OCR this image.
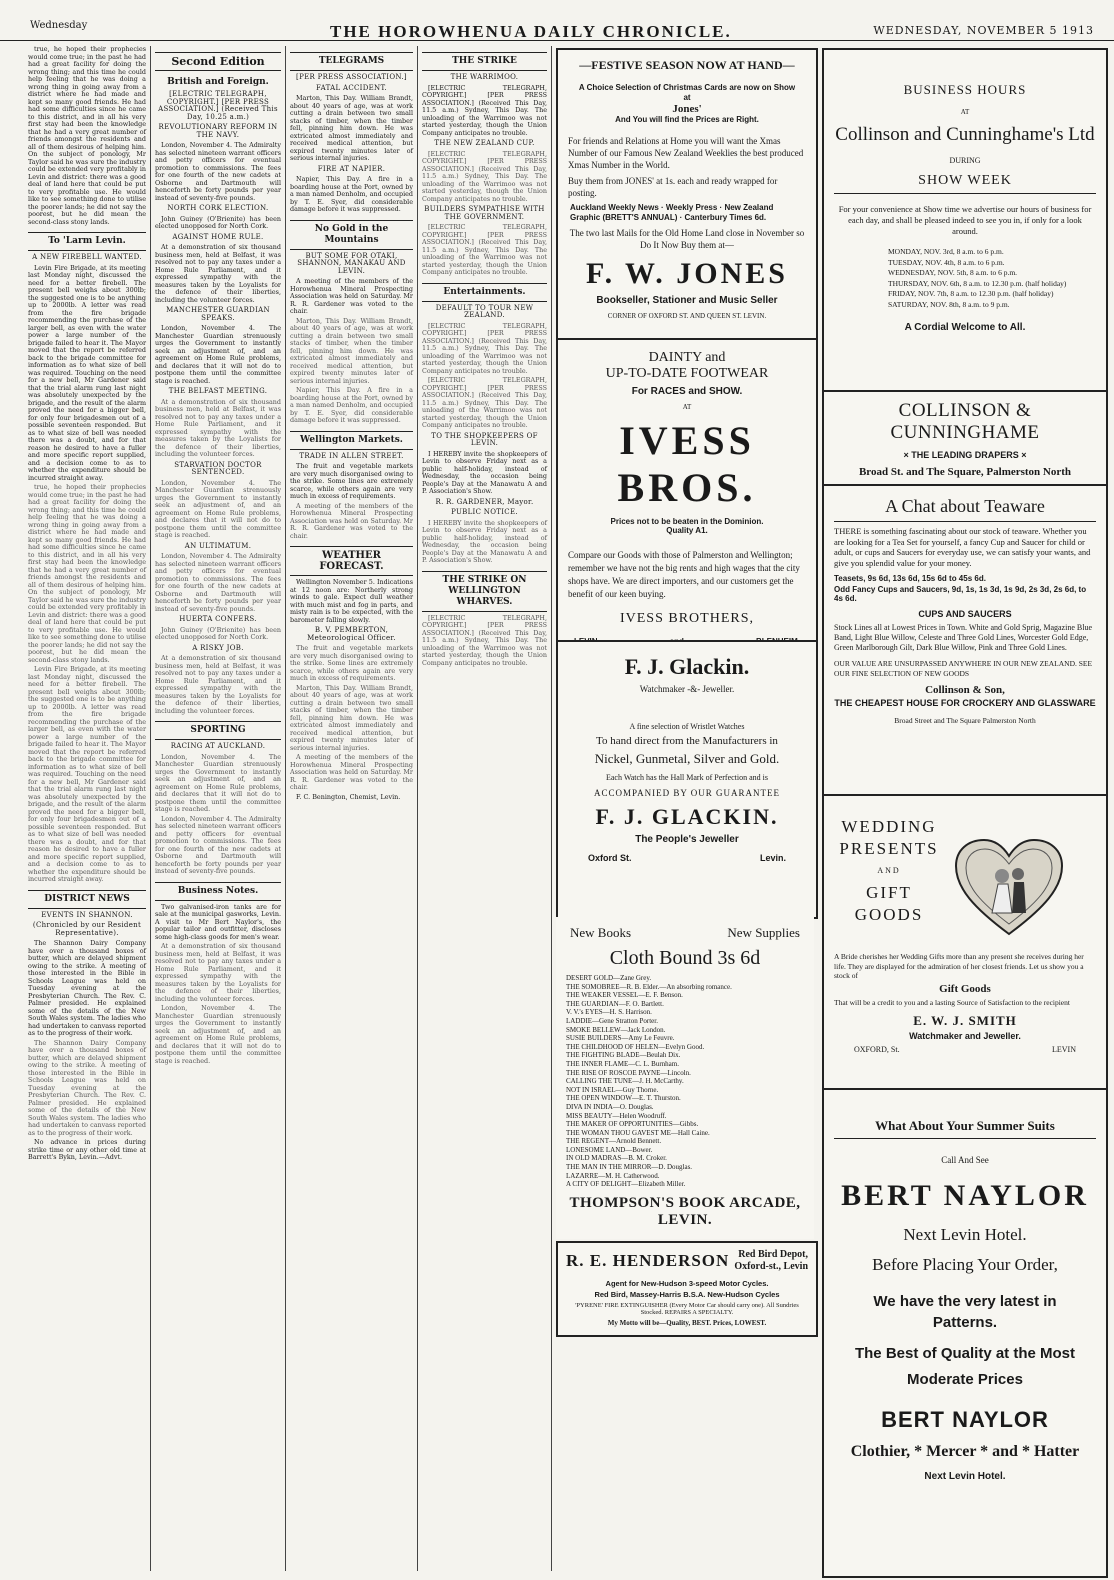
Wednesday	THE HOROWHENUA DAILY CHRONICLE.	WEDNESDAY, NOVEMBER 5 1913

true, he hoped their prophecies would come true; in the past he had had a great facility for doing the wrong thing; and this time he could help feeling that he was doing a wrong thing in going away from a district where he had made and kept so many good friends. He had had some difficulties since he came to this district, and in all his very first stay had been the knowledge that he had a very great number of friends amongst the residents and all of them desirous of helping him. On the subject of ponology, Mr Taylor said he was sure the industry could be extended very profitably in Levin and district: there was a good deal of land here that could be put to very profitable use. He would like to see something done to utilise the poorer lands; he did not say the poorest, but he did mean the second-class stony lands.

To 'Larm Levin.
A NEW FIREBELL WANTED.

Levin Fire Brigade, at its meeting last Monday night, discussed the need for a better firebell. The present bell weighs about 300lb; the suggested one is to be anything up to 2000lb. A letter was read from the fire brigade recommending the purchase of the larger bell, as even with the water power a large number of the brigade failed to hear it. The Mayor moved that the report be referred back to the brigade committee for information as to what size of bell was required. Touching on the need for a new bell, Mr Gardener said that the trial alarm rung last night was absolutely unexpected by the brigade, and the result of the alarm proved the need for a bigger bell, for only four brigadesmen out of a possible seventeen responded. But as to what size of bell was needed there was a doubt, and for that reason he desired to have a fuller and more specific report supplied, and a decision come to as to whether the expenditure should be incurred straight away.

true, he hoped their prophecies would come true; in the past he had had a great facility for doing the wrong thing; and this time he could help feeling that he was doing a wrong thing in going away from a district where he had made and kept so many good friends. He had had some difficulties since he came to this district, and in all his very first stay had been the knowledge that he had a very great number of friends amongst the residents and all of them desirous of helping him. On the subject of ponology, Mr Taylor said he was sure the industry could be extended very profitably in Levin and district: there was a good deal of land here that could be put to very profitable use. He would like to see something done to utilise the poorer lands; he did not say the poorest, but he did mean the second-class stony lands.

Levin Fire Brigade, at its meeting last Monday night, discussed the need for a better firebell. The present bell weighs about 300lb; the suggested one is to be anything up to 2000lb. A letter was read from the fire brigade recommending the purchase of the larger bell, as even with the water power a large number of the brigade failed to hear it. The Mayor moved that the report be referred back to the brigade committee for information as to what size of bell was required. Touching on the need for a new bell, Mr Gardener said that the trial alarm rung last night was absolutely unexpected by the brigade, and the result of the alarm proved the need for a bigger bell, for only four brigadesmen out of a possible seventeen responded. But as to what size of bell was needed there was a doubt, and for that reason he desired to have a fuller and more specific report supplied, and a decision come to as to whether the expenditure should be incurred straight away.

DISTRICT NEWS
EVENTS IN SHANNON.
(Chronicled by our Resident Representative).

The Shannon Dairy Company have over a thousand boxes of butter, which are delayed shipment owing to the strike. A meeting of those interested in the Bible in Schools League was held on Tuesday evening at the Presbyterian Church. The Rev. C. Palmer presided. He explained some of the details of the New South Wales system. The ladies who had undertaken to canvass reported as to the progress of their work.

The Shannon Dairy Company have over a thousand boxes of butter, which are delayed shipment owing to the strike. A meeting of those interested in the Bible in Schools League was held on Tuesday evening at the Presbyterian Church. The Rev. C. Palmer presided. He explained some of the details of the New South Wales system. The ladies who had undertaken to canvass reported as to the progress of their work.

No advance in prices during strike time or any other old time at Barrett's Bykn, Levin.—Advt.

Second Edition
British and Foreign.
[ELECTRIC TELEGRAPH, COPYRIGHT.] [PER PRESS ASSOCIATION.] (Received This Day, 10.25 a.m.)
REVOLUTIONARY REFORM IN THE NAVY.

London, November 4. The Admiralty has selected nineteen warrant officers and petty officers for eventual promotion to commissions. The fees for one fourth of the new cadets at Osborne and Dartmouth will henceforth be forty pounds per year instead of seventy-five pounds.

NORTH CORK ELECTION.

John Guiney (O'Brienite) has been elected unopposed for North Cork.

AGAINST HOME RULE.

At a demonstration of six thousand business men, held at Belfast, it was resolved not to pay any taxes under a Home Rule Parliament, and it expressed sympathy with the measures taken by the Loyalists for the defence of their liberties, including the volunteer forces.

MANCHESTER GUARDIAN SPEAKS.

London, November 4. The Manchester Guardian strenuously urges the Government to instantly seek an adjustment of, and an agreement on Home Rule problems, and declares that it will not do to postpone them until the committee stage is reached.

THE BELFAST MEETING.

At a demonstration of six thousand business men, held at Belfast, it was resolved not to pay any taxes under a Home Rule Parliament, and it expressed sympathy with the measures taken by the Loyalists for the defence of their liberties, including the volunteer forces.

STARVATION DOCTOR SENTENCED.

London, November 4. The Manchester Guardian strenuously urges the Government to instantly seek an adjustment of, and an agreement on Home Rule problems, and declares that it will not do to postpone them until the committee stage is reached.

AN ULTIMATUM.

London, November 4. The Admiralty has selected nineteen warrant officers and petty officers for eventual promotion to commissions. The fees for one fourth of the new cadets at Osborne and Dartmouth will henceforth be forty pounds per year instead of seventy-five pounds.

HUERTA CONFERS.

John Guiney (O'Brienite) has been elected unopposed for North Cork.

A RISKY JOB.

At a demonstration of six thousand business men, held at Belfast, it was resolved not to pay any taxes under a Home Rule Parliament, and it expressed sympathy with the measures taken by the Loyalists for the defence of their liberties, including the volunteer forces.

SPORTING
RACING AT AUCKLAND.

London, November 4. The Manchester Guardian strenuously urges the Government to instantly seek an adjustment of, and an agreement on Home Rule problems, and declares that it will not do to postpone them until the committee stage is reached.

London, November 4. The Admiralty has selected nineteen warrant officers and petty officers for eventual promotion to commissions. The fees for one fourth of the new cadets at Osborne and Dartmouth will henceforth be forty pounds per year instead of seventy-five pounds.

Business Notes.

Two galvanised-iron tanks are for sale at the municipal gasworks, Levin. A visit to Mr Bert Naylor's, the popular tailor and outfitter, discloses some high-class goods for men's wear.

At a demonstration of six thousand business men, held at Belfast, it was resolved not to pay any taxes under a Home Rule Parliament, and it expressed sympathy with the measures taken by the Loyalists for the defence of their liberties, including the volunteer forces.

London, November 4. The Manchester Guardian strenuously urges the Government to instantly seek an adjustment of, and an agreement on Home Rule problems, and declares that it will not do to postpone them until the committee stage is reached.

TELEGRAMS
[PER PRESS ASSOCIATION.]
FATAL ACCIDENT.

Marton, This Day. William Brandt, about 40 years of age, was at work cutting a drain between two small stacks of timber, when the timber fell, pinning him down. He was extricated almost immediately and received medical attention, but expired twenty minutes later of serious internal injuries.

FIRE AT NAPIER.

Napier, This Day. A fire in a boarding house at the Port, owned by a man named Denholm, and occupied by T. E. Syer, did considerable damage before it was suppressed.

No Gold in the Mountains
BUT SOME FOR OTAKI, SHANNON, MANAKAU AND LEVIN.

A meeting of the members of the Horowhenua Mineral Prospecting Association was held on Saturday. Mr R. R. Gardener was voted to the chair.

Marton, This Day. William Brandt, about 40 years of age, was at work cutting a drain between two small stacks of timber, when the timber fell, pinning him down. He was extricated almost immediately and received medical attention, but expired twenty minutes later of serious internal injuries.

Napier, This Day. A fire in a boarding house at the Port, owned by a man named Denholm, and occupied by T. E. Syer, did considerable damage before it was suppressed.

Wellington Markets.
TRADE IN ALLEN STREET.

The fruit and vegetable markets are very much disorganised owing to the strike. Some lines are extremely scarce, while others again are very much in excess of requirements.

A meeting of the members of the Horowhenua Mineral Prospecting Association was held on Saturday. Mr R. R. Gardener was voted to the chair.

WEATHER FORECAST.

Wellington November 5. Indications at 12 noon are: Northerly strong winds to gale. Expect dull weather with much mist and fog in parts, and misty rain is to be expected, with the barometer falling slowly.

B. V. PEMBERTON, Meteorological Officer.

The fruit and vegetable markets are very much disorganised owing to the strike. Some lines are extremely scarce, while others again are very much in excess of requirements.

Marton, This Day. William Brandt, about 40 years of age, was at work cutting a drain between two small stacks of timber, when the timber fell, pinning him down. He was extricated almost immediately and received medical attention, but expired twenty minutes later of serious internal injuries.

A meeting of the members of the Horowhenua Mineral Prospecting Association was held on Saturday. Mr R. R. Gardener was voted to the chair.

F. C. Benington, Chemist, Levin.

THE STRIKE
THE WARRIMOO.

[ELECTRIC TELEGRAPH, COPYRIGHT.] [PER PRESS ASSOCIATION.] (Received This Day, 11.5 a.m.) Sydney, This Day. The unloading of the Warrimoo was not started yesterday, though the Union Company anticipates no trouble.

THE NEW ZEALAND CUP.

[ELECTRIC TELEGRAPH, COPYRIGHT.] [PER PRESS ASSOCIATION.] (Received This Day, 11.5 a.m.) Sydney, This Day. The unloading of the Warrimoo was not started yesterday, though the Union Company anticipates no trouble.

BUILDERS SYMPATHISE WITH THE GOVERNMENT.

[ELECTRIC TELEGRAPH, COPYRIGHT.] [PER PRESS ASSOCIATION.] (Received This Day, 11.5 a.m.) Sydney, This Day. The unloading of the Warrimoo was not started yesterday, though the Union Company anticipates no trouble.

Entertainments.
DEFAULT TO TOUR NEW ZEALAND.

[ELECTRIC TELEGRAPH, COPYRIGHT.] [PER PRESS ASSOCIATION.] (Received This Day, 11.5 a.m.) Sydney, This Day. The unloading of the Warrimoo was not started yesterday, though the Union Company anticipates no trouble.

[ELECTRIC TELEGRAPH, COPYRIGHT.] [PER PRESS ASSOCIATION.] (Received This Day, 11.5 a.m.) Sydney, This Day. The unloading of the Warrimoo was not started yesterday, though the Union Company anticipates no trouble.

TO THE SHOPKEEPERS OF LEVIN.

I HEREBY invite the shopkeepers of Levin to observe Friday next as a public half-holiday, instead of Wednesday, the occasion being People's Day at the Manawatu A and P. Association's Show.

R. R. GARDENER, Mayor.
PUBLIC NOTICE.

I HEREBY invite the shopkeepers of Levin to observe Friday next as a public half-holiday, instead of Wednesday, the occasion being People's Day at the Manawatu A and P. Association's Show.

THE STRIKE ON WELLINGTON WHARVES.

[ELECTRIC TELEGRAPH, COPYRIGHT.] [PER PRESS ASSOCIATION.] (Received This Day, 11.5 a.m.) Sydney, This Day. The unloading of the Warrimoo was not started yesterday, though the Union Company anticipates no trouble.

—FESTIVE SEASON NOW AT HAND—
A Choice Selection of Christmas Cards are now on Show at
Jones'
And You will find the Prices are Right.
For friends and Relations at Home you will want the Xmas Number of our Famous New Zealand Weeklies the best produced Xmas Number in the World.
Buy them from JONES' at 1s. each and ready wrapped for posting.
Auckland Weekly News · Weekly Press · New Zealand Graphic (BRETT'S ANNUAL) · Canterbury Times 6d.
The two last Mails for the Old Home Land close in November so Do It Now Buy them at—
F. W. JONES
Bookseller, Stationer and Music Seller
CORNER OF OXFORD ST. AND QUEEN ST. LEVIN.
DAINTY and
UP-TO-DATE FOOTWEAR
For RACES and SHOW.
AT
IVESS BROS.
Prices not to be beaten in the Dominion. Quality A1.
Compare our Goods with those of Palmerston and Wellington; remember we have not the big rents and high wages that the city shops have. We are direct importers, and our customers get the benefit of our keen buying.
IVESS BROTHERS,
F. J. Glackin.
Watchmaker -&- Jeweller.
A fine selection of Wristlet Watches
To hand direct from the Manufacturers in
Nickel, Gunmetal, Silver and Gold.
Each Watch has the Hall Mark of Perfection and is
ACCOMPANIED BY OUR GUARANTEE
F. J. GLACKIN.
The People's Jeweller
Oxford St.	Levin.
New Books	New Supplies
Cloth Bound 3s 6d
DESERT GOLD—Zane Grey.
THE SOMOBREE—R. B. Elder.—An absorbing romance.
THE WEAKER VESSEL—E. F. Benson.
THE GUARDIAN—F. O. Bartlett.
V. V.'s EYES—H. S. Harrison.
LADDIE—Gene Stratton Porter.
SMOKE BELLEW—Jack London.
SUSIE BUILDERS—Amy Le Feuvre.
THE CHILDHOOD OF HELEN—Evelyn Good.
THE FIGHTING BLADE—Beulah Dix.
THE INNER FLAME—C. L. Burnham.
THE RISE OF ROSCOE PAYNE—Lincoln.
CALLING THE TUNE—J. H. McCarthy.
NOT IN ISRAEL—Guy Thorne.
THE OPEN WINDOW—E. T. Thurston.
DIVA IN INDIA—O. Douglas.
MISS BEAUTY—Helen Woodruff.
THE MAKER OF OPPORTUNITIES—Gibbs.
THE WOMAN THOU GAVEST ME—Hall Caine.
THE REGENT—Arnold Bennett.
LONESOME LAND—Bower.
IN OLD MADRAS—B. M. Croker.
THE MAN IN THE MIRROR—D. Douglas.
LAZARRE—M. H. Catherwood.
A CITY OF DELIGHT—Elizabeth Miller.
THOMPSON'S BOOK ARCADE, LEVIN.
R. E. HENDERSON Red Bird Depot,
Oxford-st., Levin
Agent for New-Hudson 3-speed Motor Cycles.
Red Bird, Massey-Harris B.S.A. New-Hudson Cycles
'PYRENE' FIRE EXTINGUISHER (Every Motor Car should carry one). All Sundries Stocked. REPAIRS A SPECIALTY.
My Motto will be—Quality, BEST. Prices, LOWEST.
BUSINESS HOURS
AT
Collinson and Cunninghame's Ltd
DURING
SHOW WEEK
For your convenience at Show time we advertise our hours of business for each day, and shall be pleased indeed to see you in, if only for a look around.
MONDAY, NOV. 3rd, 8 a.m. to 6 p.m.
TUESDAY, NOV. 4th, 8 a.m. to 6 p.m.
WEDNESDAY, NOV. 5th, 8 a.m. to 6 p.m.
THURSDAY, NOV. 6th, 8 a.m. to 12.30 p.m. (half holiday)
FRIDAY, NOV. 7th, 8 a.m. to 12.30 p.m. (half holiday)
SATURDAY, NOV. 8th, 8 a.m. to 9 p.m.
A Cordial Welcome to All.
COLLINSON & CUNNINGHAME
× THE LEADING DRAPERS ×
Broad St. and The Square, Palmerston North
A Chat about Teaware
THERE is something fascinating about our stock of teaware. Whether you are looking for a Tea Set for yourself, a fancy Cup and Saucer for child or adult, or cups and Saucers for everyday use, we can satisfy your wants, and give you splendid value for your money.
Teasets, 9s 6d, 13s 6d, 15s 6d to 45s 6d.
Odd Fancy Cups and Saucers, 9d, 1s, 1s 3d, 1s 9d, 2s 3d, 2s 6d, to 4s 6d.
CUPS AND SAUCERS
Stock Lines all at Lowest Prices in Town. White and Gold Sprig, Magazine Blue Band, Light Blue Willow, Celeste and Three Gold Lines, Worcester Gold Edge, Green Marlborough Gilt, Dark Blue Willow, Pink and Three Gold Lines.
OUR VALUE ARE UNSURPASSED ANYWHERE IN OUR NEW ZEALAND. SEE OUR FINE SELECTION OF NEW GOODS
Collinson & Son,
THE CHEAPEST HOUSE FOR CROCKERY AND GLASSWARE
Broad Street and The Square Palmerston North
WEDDING
PRESENTS
AND
GIFT
GOODS
A Bride cherishes her Wedding Gifts more than any present she receives during her life. They are displayed for the admiration of her closest friends. Let us show you a stock of
Gift Goods
That will be a credit to you and a lasting Source of Satisfaction to the recipient
E. W. J. SMITH
Watchmaker and Jeweller.
OXFORD, St.	LEVIN
What About Your Summer Suits
Call And See
BERT NAYLOR
Next Levin Hotel.
Before Placing Your Order,
We have the very latest in Patterns.
The Best of Quality at the Most Moderate Prices
BERT NAYLOR
Clothier, * Mercer * and * Hatter
Next Levin Hotel.
